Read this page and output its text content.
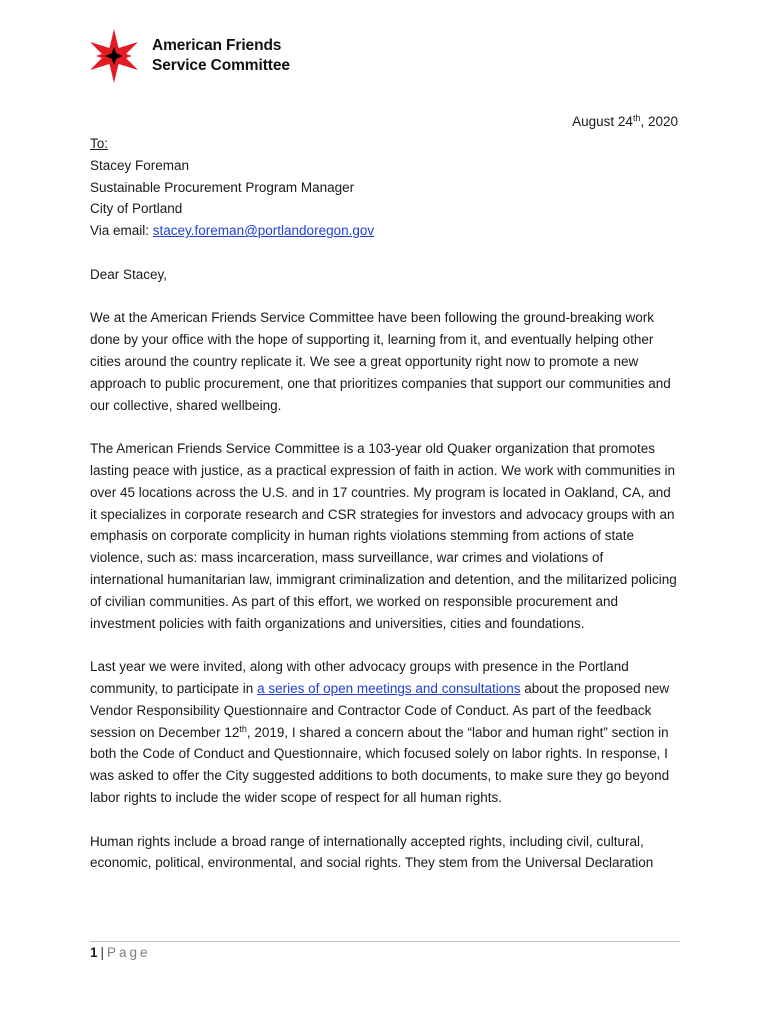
American Friends
Service Committee
August 24th, 2020

To:

Stacey Foreman

Sustainable Procurement Program Manager

City of Portland

Via email: stacey.foreman@portlandoregon.gov

Dear Stacey,

We at the American Friends Service Committee have been following the ground-breaking work done by your office with the hope of supporting it, learning from it, and eventually helping other cities around the country replicate it. We see a great opportunity right now to promote a new approach to public procurement, one that prioritizes companies that support our communities and our collective, shared wellbeing.

The American Friends Service Committee is a 103-year old Quaker organization that promotes lasting peace with justice, as a practical expression of faith in action. We work with communities in over 45 locations across the U.S. and in 17 countries. My program is located in Oakland, CA, and it specializes in corporate research and CSR strategies for investors and advocacy groups with an emphasis on corporate complicity in human rights violations stemming from actions of state violence, such as: mass incarceration, mass surveillance, war crimes and violations of international humanitarian law, immigrant criminalization and detention, and the militarized policing of civilian communities. As part of this effort, we worked on responsible procurement and investment policies with faith organizations and universities, cities and foundations.

Last year we were invited, along with other advocacy groups with presence in the Portland community, to participate in a series of open meetings and consultations about the proposed new Vendor Responsibility Questionnaire and Contractor Code of Conduct. As part of the feedback session on December 12th, 2019, I shared a concern about the “labor and human right” section in both the Code of Conduct and Questionnaire, which focused solely on labor rights. In response, I was asked to offer the City suggested additions to both documents, to make sure they go beyond labor rights to include the wider scope of respect for all human rights.

Human rights include a broad range of internationally accepted rights, including civil, cultural, economic, political, environmental, and social rights. They stem from the Universal Declaration

1 | Page
